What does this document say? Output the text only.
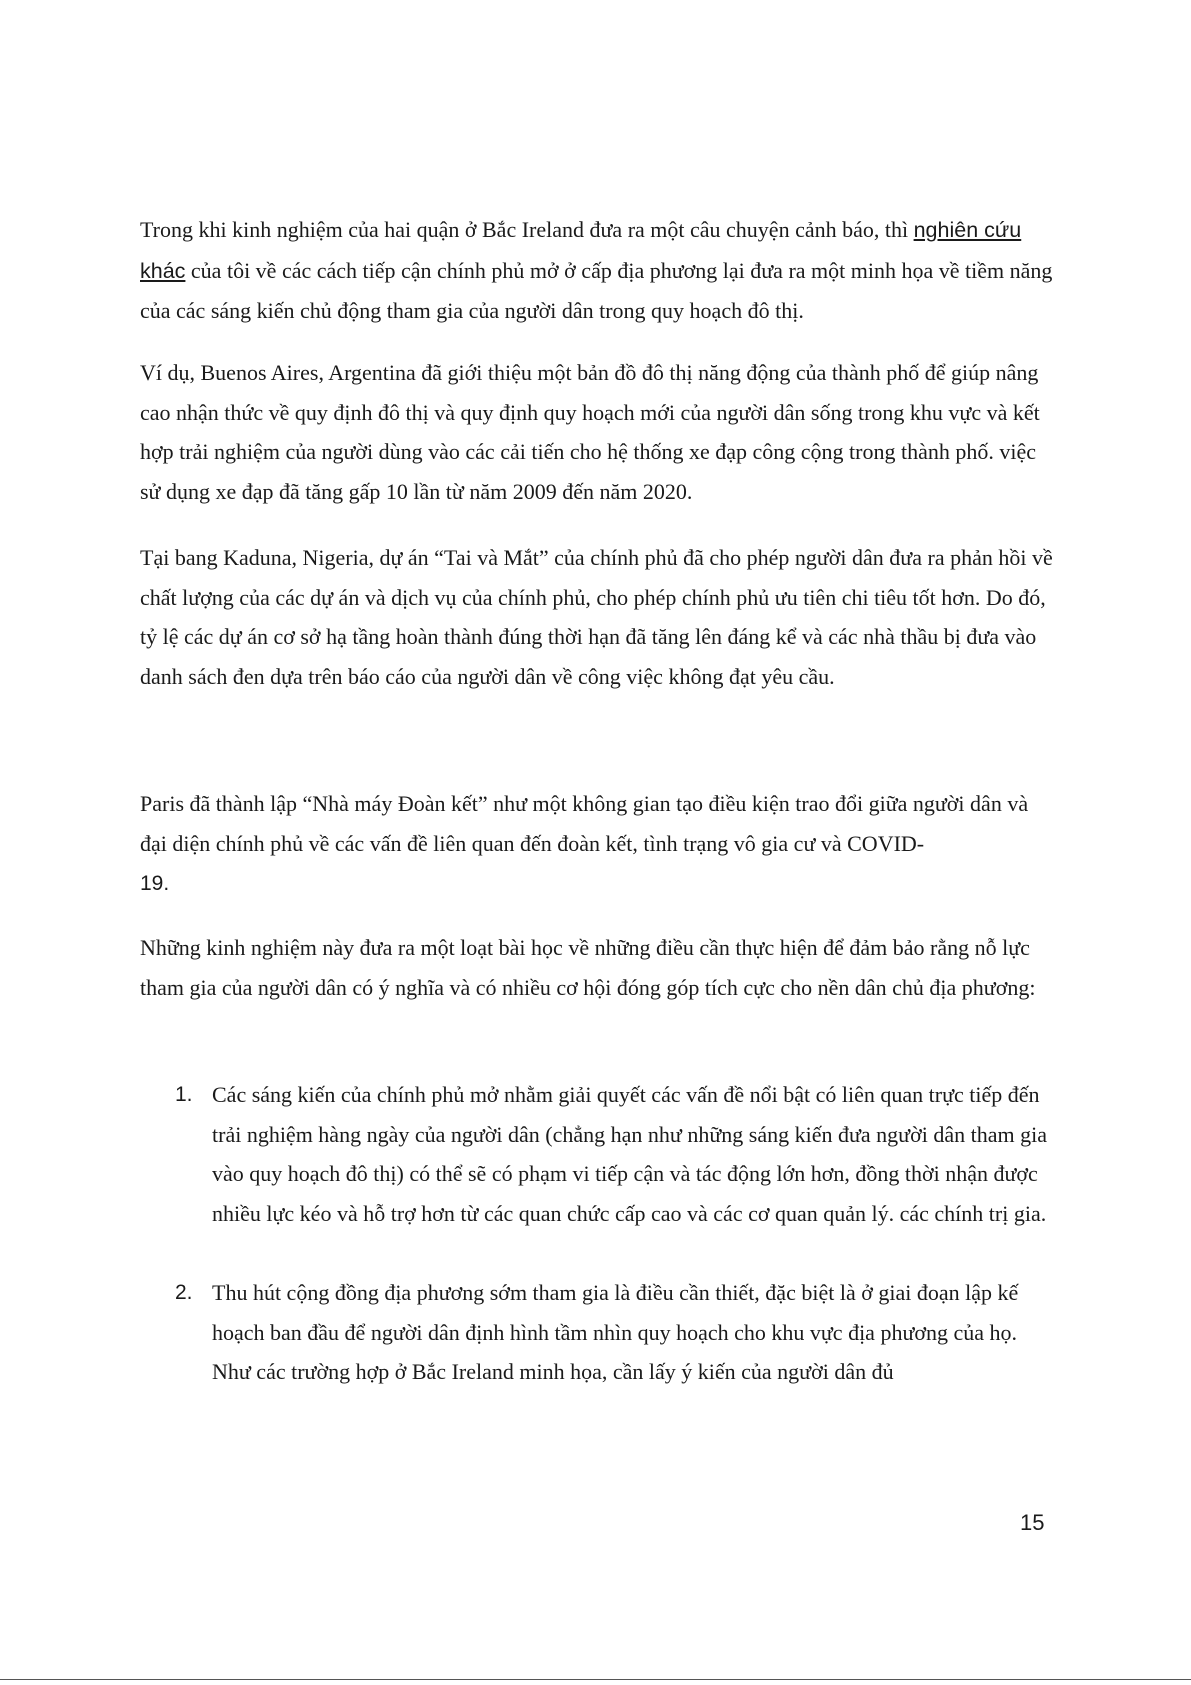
Trong khi kinh nghiệm của hai quận ở Bắc Ireland đưa ra một câu chuyện cảnh báo, thì nghiên cứu khác của tôi về các cách tiếp cận chính phủ mở ở cấp địa phương lại đưa ra một minh họa về tiềm năng của các sáng kiến chủ động tham gia của người dân trong quy hoạch đô thị.

Ví dụ, Buenos Aires, Argentina đã giới thiệu một bản đồ đô thị năng động của thành phố để giúp nâng cao nhận thức về quy định đô thị và quy định quy hoạch mới của người dân sống trong khu vực và kết hợp trải nghiệm của người dùng vào các cải tiến cho hệ thống xe đạp công cộng trong thành phố. việc sử dụng xe đạp đã tăng gấp 10 lần từ năm 2009 đến năm 2020.

Tại bang Kaduna, Nigeria, dự án “Tai và Mắt” của chính phủ đã cho phép người dân đưa ra phản hồi về chất lượng của các dự án và dịch vụ của chính phủ, cho phép chính phủ ưu tiên chi tiêu tốt hơn. Do đó, tỷ lệ các dự án cơ sở hạ tầng hoàn thành đúng thời hạn đã tăng lên đáng kể và các nhà thầu bị đưa vào danh sách đen dựa trên báo cáo của người dân về công việc không đạt yêu cầu.

Paris đã thành lập “Nhà máy Đoàn kết” như một không gian tạo điều kiện trao đổi giữa người dân và đại diện chính phủ về các vấn đề liên quan đến đoàn kết, tình trạng vô gia cư và COVID-
19.

Những kinh nghiệm này đưa ra một loạt bài học về những điều cần thực hiện để đảm bảo rằng nỗ lực tham gia của người dân có ý nghĩa và có nhiều cơ hội đóng góp tích cực cho nền dân chủ địa phương:

1. Các sáng kiến của chính phủ mở nhằm giải quyết các vấn đề nổi bật có liên quan trực tiếp đến trải nghiệm hàng ngày của người dân (chẳng hạn như những sáng kiến đưa người dân tham gia vào quy hoạch đô thị) có thể sẽ có phạm vi tiếp cận và tác động lớn hơn, đồng thời nhận được nhiều lực kéo và hỗ trợ hơn từ các quan chức cấp cao và các cơ quan quản lý. các chính trị gia.
2. Thu hút cộng đồng địa phương sớm tham gia là điều cần thiết, đặc biệt là ở giai đoạn lập kế hoạch ban đầu để người dân định hình tầm nhìn quy hoạch cho khu vực địa phương của họ. Như các trường hợp ở Bắc Ireland minh họa, cần lấy ý kiến của người dân đủ
15
